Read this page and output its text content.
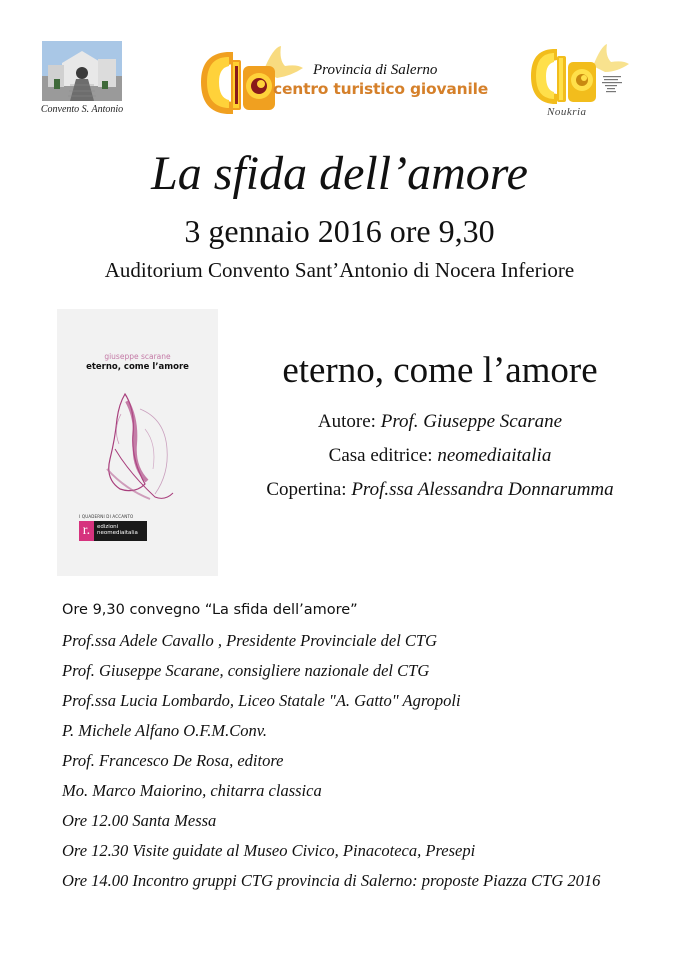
Convento S. Antonio
Provincia di Salerno
centro turistico giovanile
Noukria
La sfida dell’amore
3 gennaio 2016 ore 9,30
Auditorium Convento Sant’Antonio di Nocera Inferiore
giuseppe scarane
eterno, come l’amore
I QUADERNI DI ACCANTO
r.	edizioni
neomediaitalia
eterno, come l’amore
Autore: Prof. Giuseppe Scarane
Casa editrice: neomediaitalia
Copertina: Prof.ssa Alessandra Donnarumma
Ore 9,30 convegno “La sfida dell’amore”
Prof.ssa Adele Cavallo , Presidente Provinciale del CTG
Prof. Giuseppe Scarane, consigliere nazionale del CTG
Prof.ssa Lucia Lombardo, Liceo Statale "A. Gatto" Agropoli
P. Michele Alfano O.F.M.Conv.
Prof. Francesco De Rosa, editore
Mo. Marco Maiorino, chitarra classica
Ore 12.00 Santa Messa
Ore 12.30 Visite guidate al Museo Civico, Pinacoteca, Presepi
Ore 14.00 Incontro gruppi CTG provincia di Salerno: proposte Piazza CTG 2016
